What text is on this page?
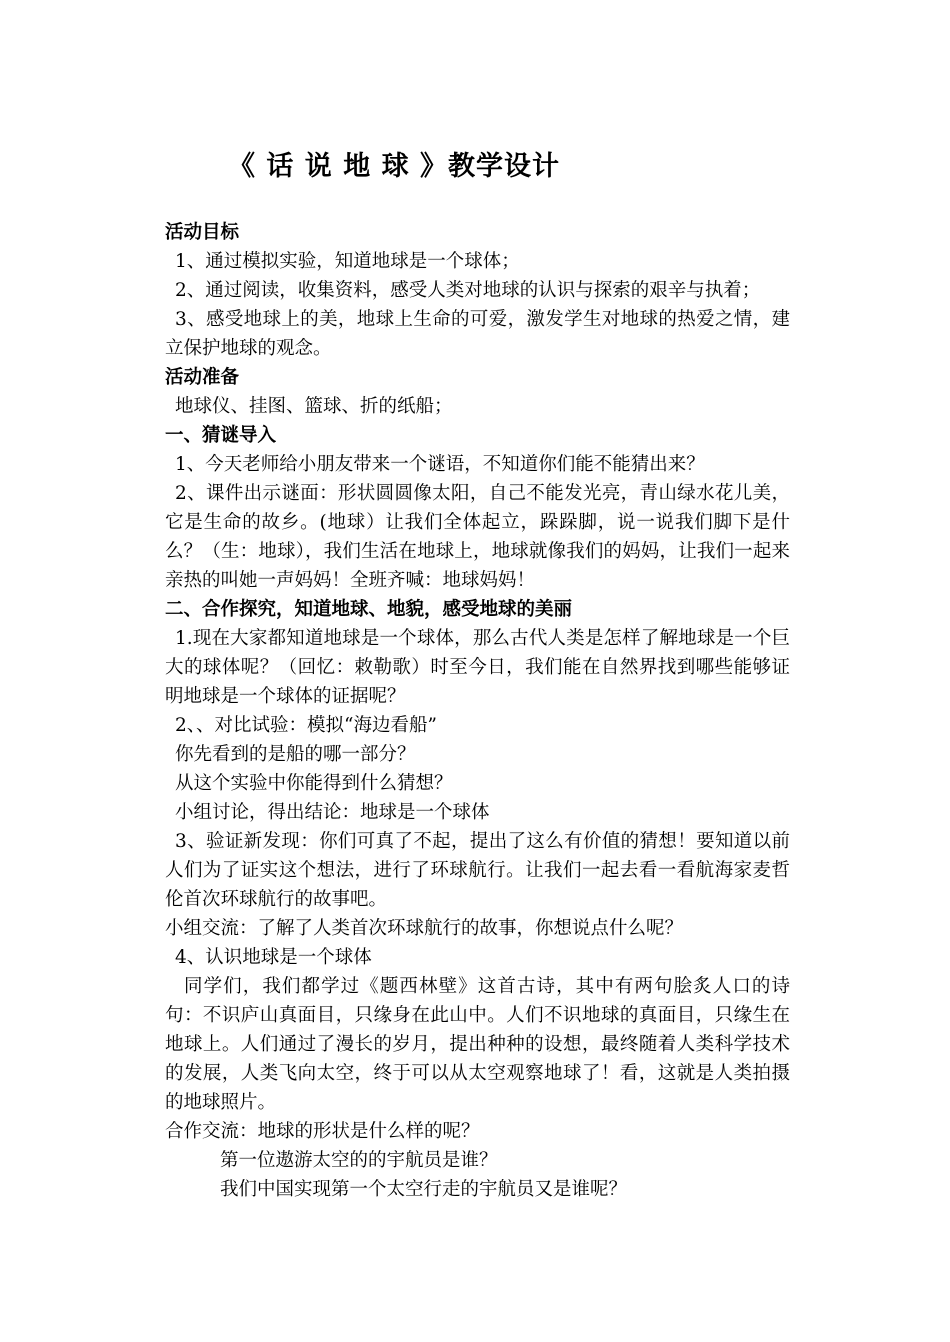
《 话 说 地 球 》教学设计

活动目标

1、通过模拟实验，知道地球是一个球体；

2、通过阅读，收集资料，感受人类对地球的认识与探索的艰辛与执着；

3、感受地球上的美，地球上生命的可爱，激发学生对地球的热爱之情，建立保护地球的观念。

活动准备

地球仪、挂图、篮球、折的纸船；

一、猜谜导入

1、今天老师给小朋友带来一个谜语，不知道你们能不能猜出来？

2、课件出示谜面：形状圆圆像太阳，自己不能发光亮，青山绿水花儿美，它是生命的故乡。(地球）让我们全体起立，跺跺脚，说一说我们脚下是什么？（生：地球），我们生活在地球上，地球就像我们的妈妈，让我们一起来亲热的叫她一声妈妈！全班齐喊：地球妈妈！

二、合作探究，知道地球、地貌，感受地球的美丽

1.现在大家都知道地球是一个球体，那么古代人类是怎样了解地球是一个巨大的球体呢？（回忆：敕勒歌）时至今日，我们能在自然界找到哪些能够证明地球是一个球体的证据呢？

2、、对比试验：模拟“海边看船”

你先看到的是船的哪一部分？

从这个实验中你能得到什么猜想？

小组讨论，得出结论：地球是一个球体

3、验证新发现：你们可真了不起，提出了这么有价值的猜想！要知道以前人们为了证实这个想法，进行了环球航行。让我们一起去看一看航海家麦哲伦首次环球航行的故事吧。

小组交流：了解了人类首次环球航行的故事，你想说点什么呢？

4、认识地球是一个球体

同学们，我们都学过《题西林壁》这首古诗，其中有两句脍炙人口的诗句：不识庐山真面目，只缘身在此山中。人们不识地球的真面目，只缘生在地球上。人们通过了漫长的岁月，提出种种的设想，最终随着人类科学技术的发展，人类飞向太空，终于可以从太空观察地球了！看，这就是人类拍摄的地球照片。

合作交流：地球的形状是什么样的呢？

第一位遨游太空的的宇航员是谁？

我们中国实现第一个太空行走的宇航员又是谁呢？
